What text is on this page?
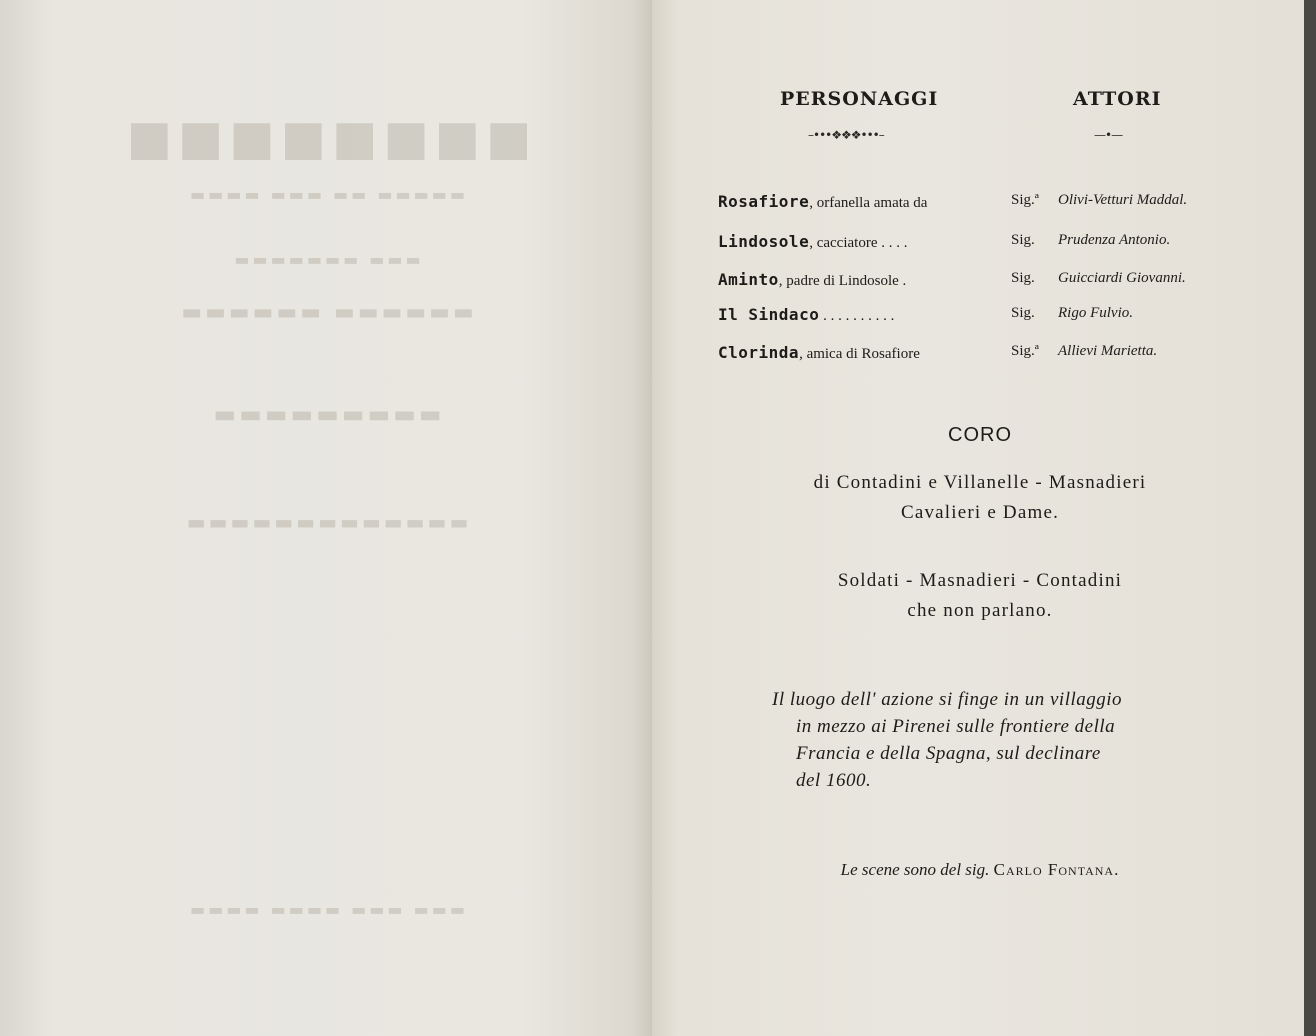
■■■■■■■■
▬▬▬▬▬ ▬▬ ▬▬▬ ▬▬▬▬
▬▬▬ ▬▬▬▬▬▬▬
▬▬▬▬▬▬ ▬▬▬▬▬▬
▬▬▬▬▬▬▬▬▬
▬▬▬▬▬▬▬▬▬▬▬▬▬
▬▬▬ ▬▬▬ ▬▬▬▬ ▬▬▬▬
PERSONAGGI	ATTORI
–•••❖❖❖•••–	—•—
Rosafiore, orfanella amata da	Sig.ª Olivi-Vetturi Maddal.
Lindosole, cacciatore . . . .	Sig. Prudenza Antonio.
Aminto, padre di Lindosole .	Sig. Guicciardi Giovanni.
Il Sindaco . . . . . . . . . .	Sig. Rigo Fulvio.
Clorinda, amica di Rosafiore	Sig.ª Allievi Marietta.
CORO
di Contadini e Villanelle - Masnadieri
Cavalieri e Dame.
Soldati - Masnadieri - Contadini
che non parlano.
Il luogo dell' azione si finge in un villaggio
in mezzo ai Pirenei sulle frontiere della
Francia e della Spagna, sul declinare
del 1600.
Le scene sono del sig. Carlo Fontana.
